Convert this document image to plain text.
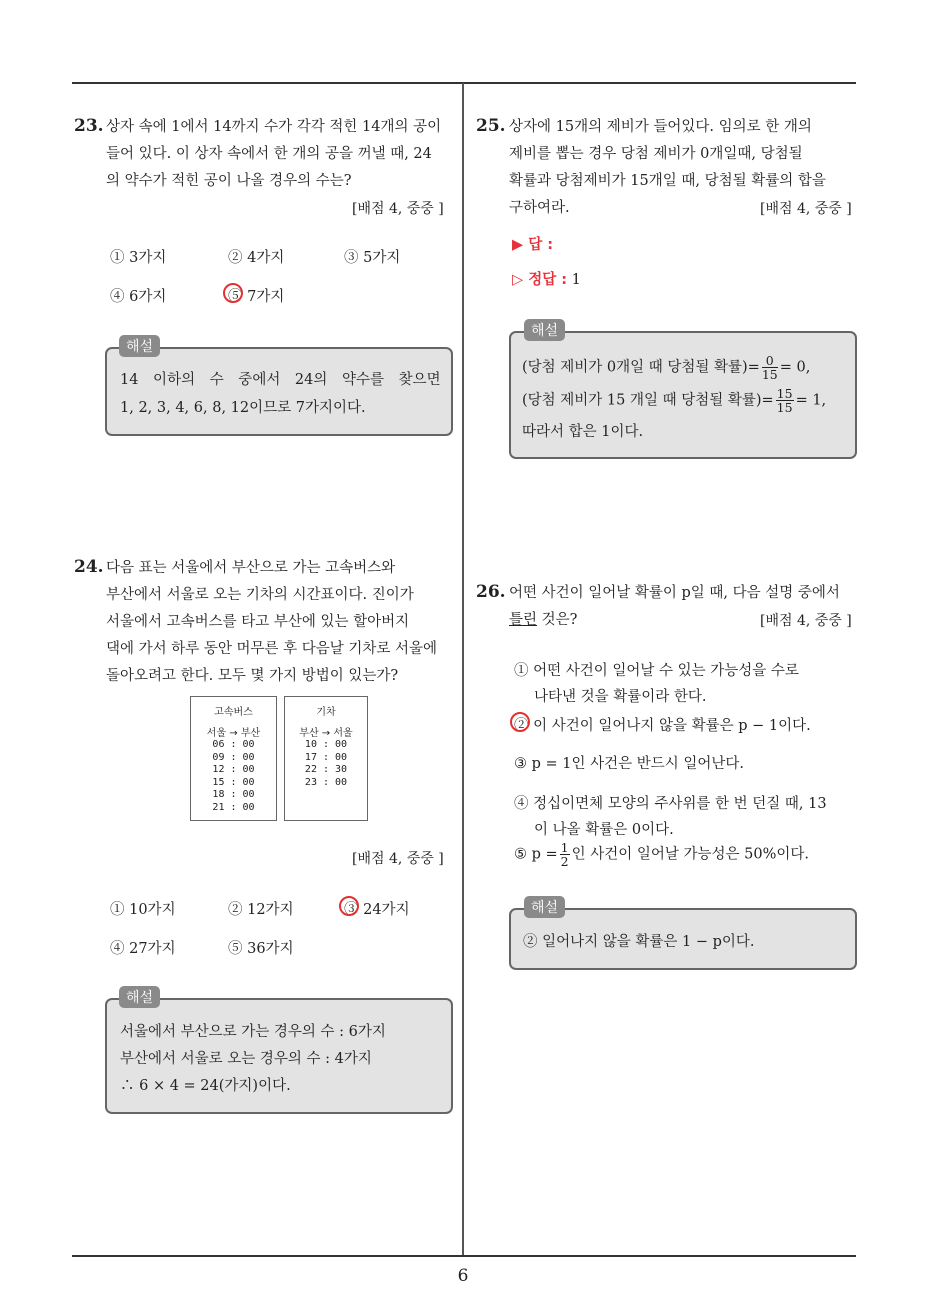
6
23. 상자 속에 1에서 14까지 수가 각각 적힌 14개의 공이
들어 있다. 이 상자 속에서 한 개의 공을 꺼낼 때, 24
의 약수가 적힌 공이 나올 경우의 수는?
[배점 4, 중중 ]
① 3가지	② 4가지	③ 5가지
④ 6가지	⑤ 7가지
해설
14 이하의 수 중에서 24의 약수를 찾으면
1, 2, 3, 4, 6, 8, 12이므로 7가지이다.
24. 다음 표는 서울에서 부산으로 가는 고속버스와
부산에서 서울로 오는 기차의 시간표이다. 진이가
서울에서 고속버스를 타고 부산에 있는 할아버지
댁에 가서 하루 동안 머무른 후 다음날 기차로 서울에
돌아오려고 한다. 모두 몇 가지 방법이 있는가?
고속버스
서울 → 부산
06 : 00
09 : 00
12 : 00
15 : 00
18 : 00
21 : 00
기차
부산 → 서울
10 : 00
17 : 00
22 : 30
23 : 00
[배점 4, 중중 ]
① 10가지	② 12가지	③ 24가지
④ 27가지	⑤ 36가지
해설
서울에서 부산으로 가는 경우의 수 : 6가지
부산에서 서울로 오는 경우의 수 : 4가지
∴ 6 × 4 = 24(가지)이다.
25. 상자에 15개의 제비가 들어있다. 임의로 한 개의
제비를 뽑는 경우 당첨 제비가 0개일때, 당첨될
확률과 당첨제비가 15개일 때, 당첨될 확률의 합을
구하여라.	[배점 4, 중중 ]
▶ 답 :
▷ 정답 : 1
해설
(당첨 제비가 0개일 때 당첨될 확률)= $\frac{0}{15} = 0$,
(당첨 제비가 15 개일 때 당첨될 확률)= $\frac{15}{15} = 1$,
따라서 합은 1이다.
26. 어떤 사건이 일어날 확률이 p일 때, 다음 설명 중에서
틀린 것은?	[배점 4, 중중 ]
① 어떤 사건이 일어날 수 있는 가능성을 수로
나타낸 것을 확률이라 한다.
② 이 사건이 일어나지 않을 확률은 p − 1이다.
③ p = 1인 사건은 반드시 일어난다.
④ 정십이면체 모양의 주사위를 한 번 던질 때, 13
이 나올 확률은 0이다.
⑤ $p = \frac{1}{2}$ 인 사건이 일어날 가능성은 50%이다.
해설
② 일어나지 않을 확률은 1 − p이다.
